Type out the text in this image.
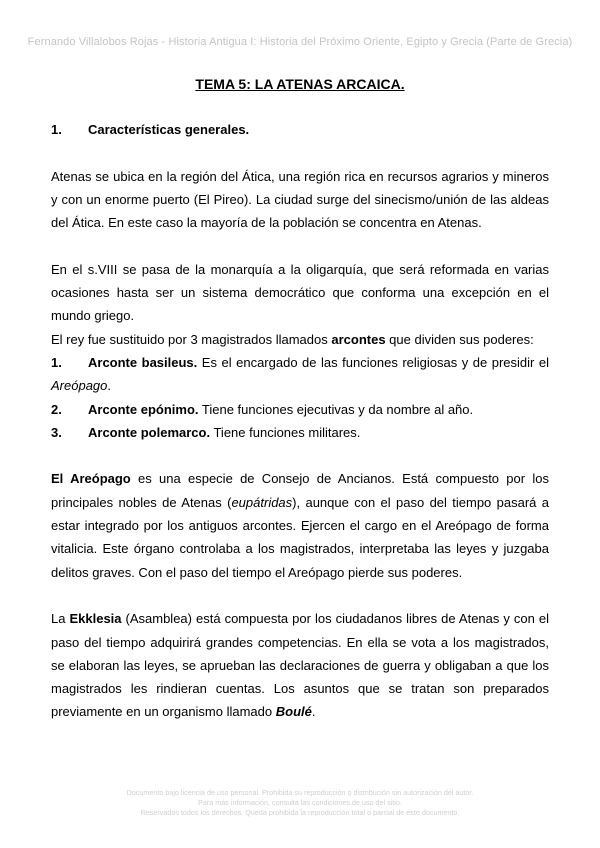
Fernando Villalobos Rojas - Historia Antigua I: Historia del Próximo Oriente, Egipto y Grecia (Parte de Grecia)
TEMA 5: LA ATENAS ARCAICA.

1. Características generales.

Atenas se ubica en la región del Ática, una región rica en recursos agrarios y mineros y con un enorme puerto (El Pireo). La ciudad surge del sinecismo/unión de las aldeas del Ática. En este caso la mayoría de la población se concentra en Atenas.

En el s.VIII se pasa de la monarquía a la oligarquía, que será reformada en varias ocasiones hasta ser un sistema democrático que conforma una excepción en el mundo griego.

El rey fue sustituido por 3 magistrados llamados arcontes que dividen sus poderes:

1. Arconte basileus. Es el encargado de las funciones religiosas y de presidir el Areópago.

2. Arconte epónimo. Tiene funciones ejecutivas y da nombre al año.

3. Arconte polemarco. Tiene funciones militares.

El Areópago es una especie de Consejo de Ancianos. Está compuesto por los principales nobles de Atenas (eupátridas), aunque con el paso del tiempo pasará a estar integrado por los antiguos arcontes. Ejercen el cargo en el Areópago de forma vitalicia. Este órgano controlaba a los magistrados, interpretaba las leyes y juzgaba delitos graves. Con el paso del tiempo el Areópago pierde sus poderes.

La Ekklesia (Asamblea) está compuesta por los ciudadanos libres de Atenas y con el paso del tiempo adquirirá grandes competencias. En ella se vota a los magistrados, se elaboran las leyes, se aprueban las declaraciones de guerra y obligaban a que los magistrados les rindieran cuentas. Los asuntos que se tratan son preparados previamente en un organismo llamado Boulé.

Documento bajo licencia de uso personal. Prohibida su reproducción o distribución sin autorización del autor.
Para más información, consulta las condiciones de uso del sitio.
Reservados todos los derechos. Queda prohibida la reproducción total o parcial de este documento.
